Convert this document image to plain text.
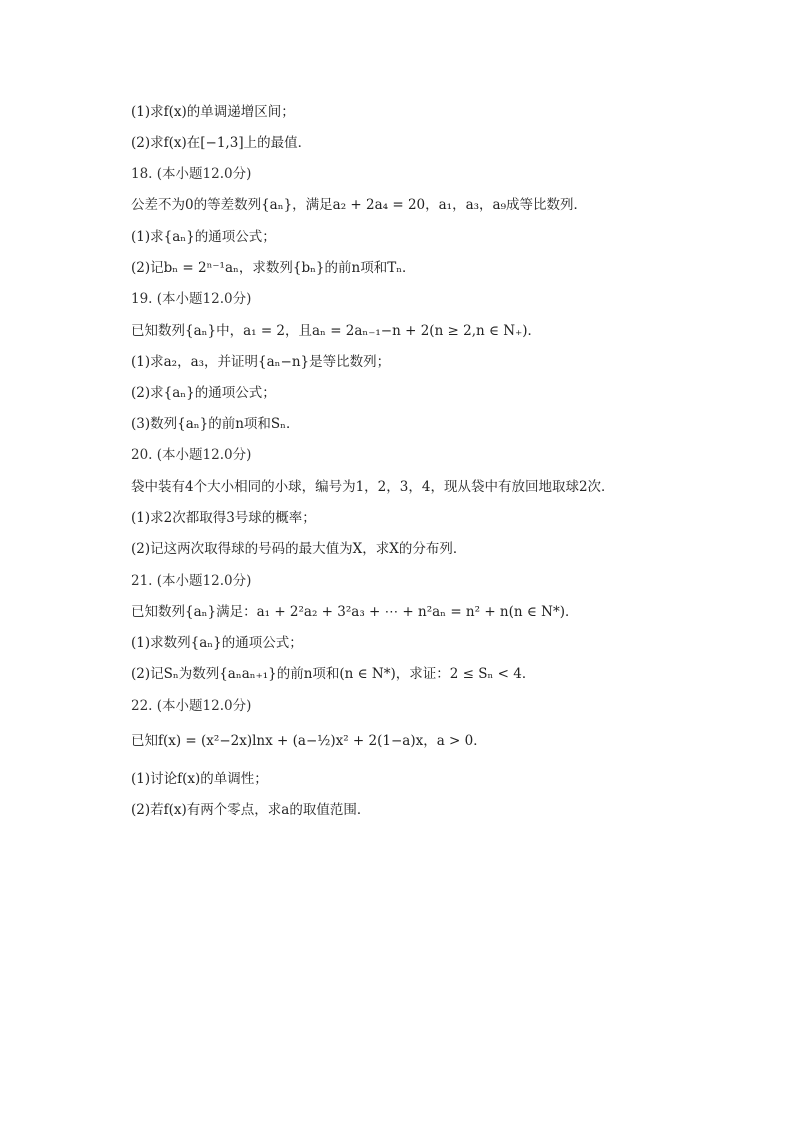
(1)求f(x)的单调递增区间；
(2)求f(x)在[−1,3]上的最值．
18. (本小题12.0分)
公差不为0的等差数列{aₙ}，满足a₂ + 2a₄ = 20，a₁，a₃，a₉成等比数列．
(1)求{aₙ}的通项公式；
(2)记bₙ = 2ⁿ⁻¹aₙ，求数列{bₙ}的前n项和Tₙ．
19. (本小题12.0分)
已知数列{aₙ}中，a₁ = 2，且aₙ = 2aₙ₋₁−n + 2(n ≥ 2,n ∈ N₊)．
(1)求a₂，a₃，并证明{aₙ−n}是等比数列；
(2)求{aₙ}的通项公式；
(3)数列{aₙ}的前n项和Sₙ．
20. (本小题12.0分)
袋中装有4个大小相同的小球，编号为1，2，3，4，现从袋中有放回地取球2次．
(1)求2次都取得3号球的概率；
(2)记这两次取得球的号码的最大值为X，求X的分布列．
21. (本小题12.0分)
已知数列{aₙ}满足：a₁ + 2²a₂ + 3²a₃ + ⋯ + n²aₙ = n² + n(n ∈ N*)．
(1)求数列{aₙ}的通项公式；
(2)记Sₙ为数列{aₙaₙ₊₁}的前n项和(n ∈ N*)，求证：2 ≤ Sₙ < 4．
22. (本小题12.0分)
已知f(x) = (x²−2x)lnx + (a−½)x² + 2(1−a)x，a > 0．
(1)讨论f(x)的单调性；
(2)若f(x)有两个零点，求a的取值范围．
